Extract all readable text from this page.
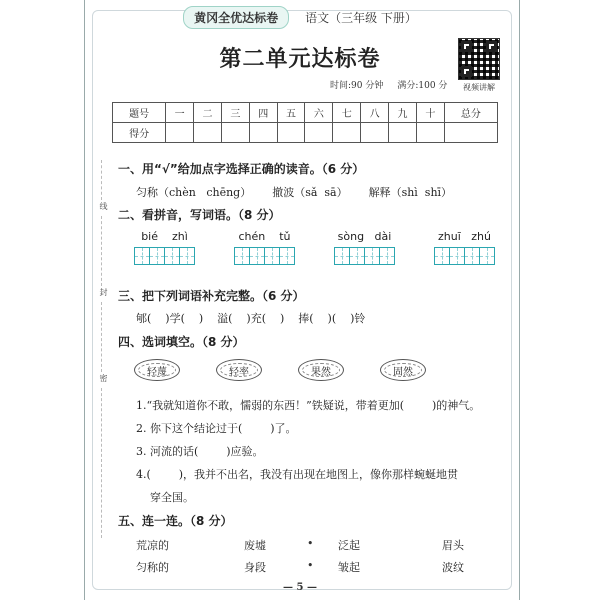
黄冈全优达标卷	语文（三年级 下册）
视频讲解
第二单元达标卷
时间:90 分钟 满分:100 分
题号	一	二	三	四	五	六	七	八	九	十	总分
得分											
线
封
密
一、用“√”给加点字选择正确的读音。（6 分）
匀称（chèn   chēng）      撤波（sǎ  sā）      解释（shì  shī）
二、看拼音，写词语。（8 分）
bié    zhì	chén    tǔ	sòng   dài	zhuī   zhú
三、把下列词语补充完整。（6 分）
郇(    )学(    )    溢(    )充(    )    捧(    )(    )铃
四、选词填空。（8 分）
轻蔑	轻率	果然	固然
1.“我就知道你不敢，懦弱的东西！”铁疑说，带着更加(        )的神气。
2. 你下这个结论过于(        )了。
3. 河流的话(        )应验。
4.(        )，我并不出名，我没有出现在地图上，像你那样蜿蜒地贯
穿全国。
五、连一连。（8 分）
荒凉的	废墟	• 泛起	眉头
匀称的	身段	• 皱起	波纹
— 5 —
